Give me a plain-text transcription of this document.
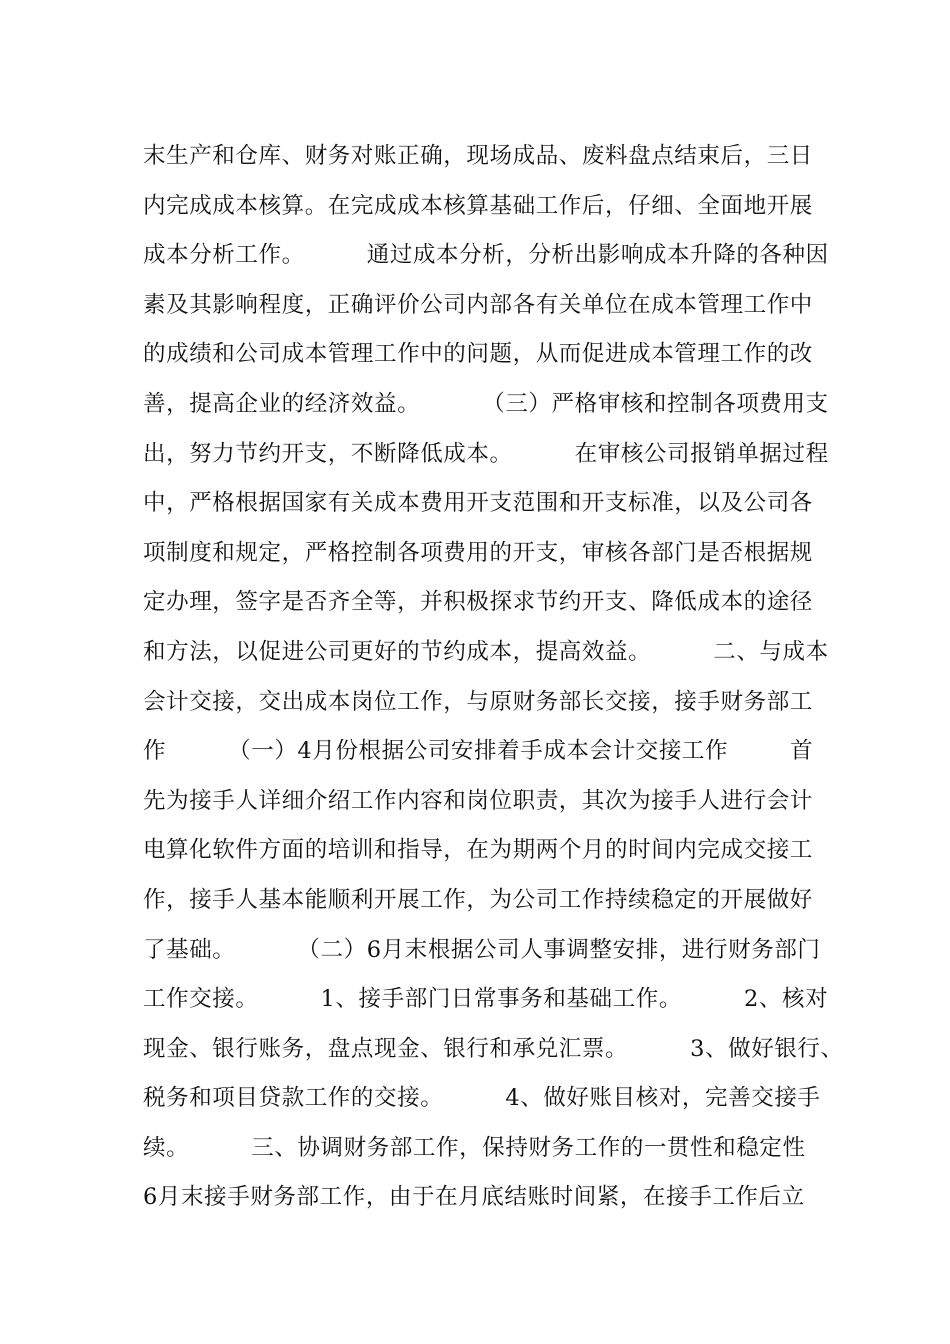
末生产和仓库、财务对账正确，现场成品、废料盘点结束后，三日
内完成成本核算。在完成成本核算基础工作后，仔细、全面地开展
成本分析工作。        通过成本分析，分析出影响成本升降的各种因
素及其影响程度，正确评价公司内部各有关单位在成本管理工作中
的成绩和公司成本管理工作中的问题，从而促进成本管理工作的改
善，提高企业的经济效益。        （三）严格审核和控制各项费用支
出，努力节约开支，不断降低成本。        在审核公司报销单据过程
中，严格根据国家有关成本费用开支范围和开支标准，以及公司各
项制度和规定，严格控制各项费用的开支，审核各部门是否根据规
定办理，签字是否齐全等，并积极探求节约开支、降低成本的途径
和方法，以促进公司更好的节约成本，提高效益。        二、与成本
会计交接，交出成本岗位工作，与原财务部长交接，接手财务部工
作        （一）4月份根据公司安排着手成本会计交接工作        首
先为接手人详细介绍工作内容和岗位职责，其次为接手人进行会计
电算化软件方面的培训和指导，在为期两个月的时间内完成交接工
作，接手人基本能顺利开展工作，为公司工作持续稳定的开展做好
了基础。        （二）6月末根据公司人事调整安排，进行财务部门
工作交接。        1、接手部门日常事务和基础工作。        2、核对
现金、银行账务，盘点现金、银行和承兑汇票。        3、做好银行、
税务和项目贷款工作的交接。        4、做好账目核对，完善交接手
续。        三、协调财务部工作，保持财务工作的一贯性和稳定性
6月末接手财务部工作，由于在月底结账时间紧，在接手工作后立
